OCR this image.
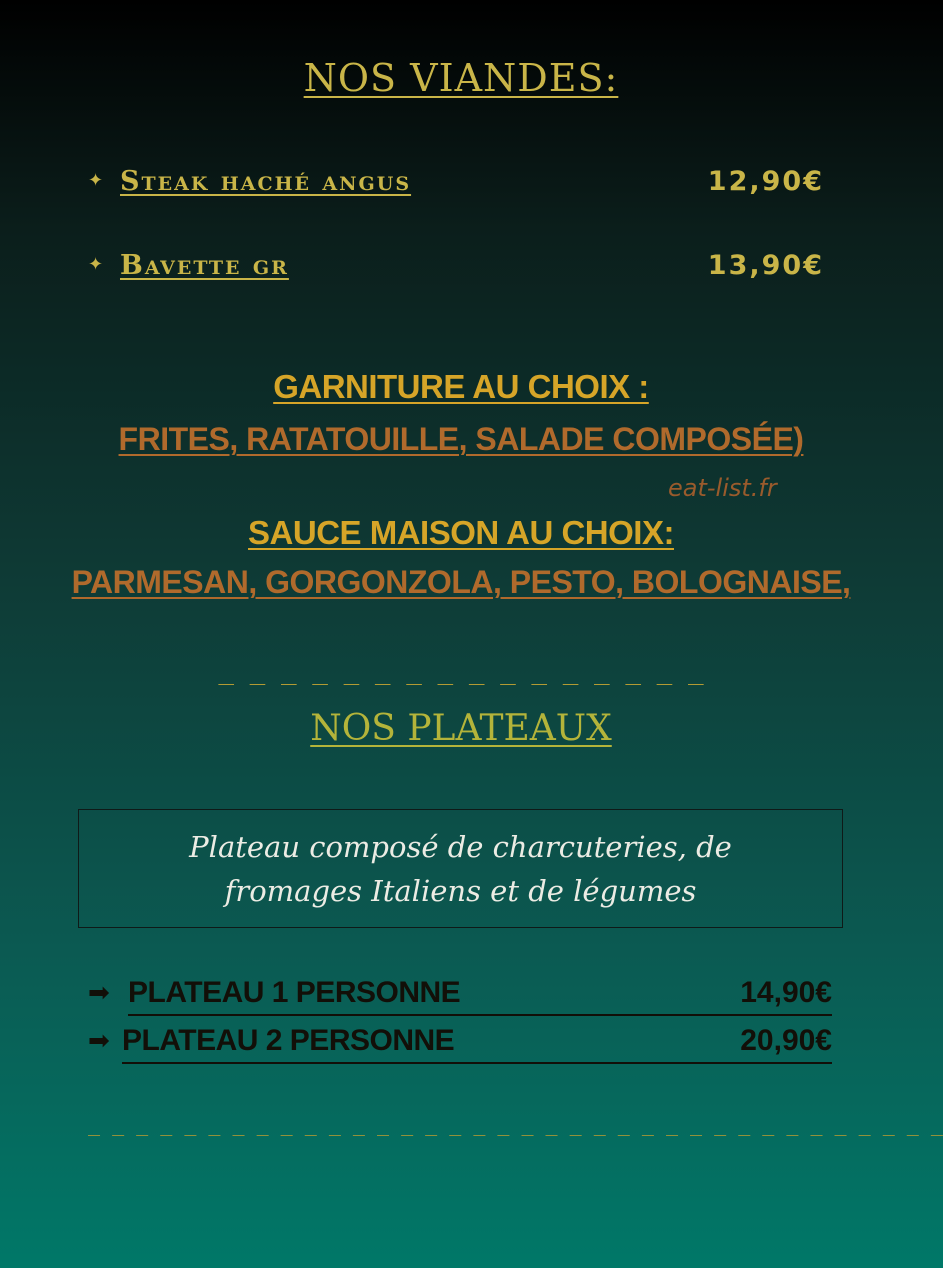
NOS VIANDES:
✦ Steak haché angus	12,90€
✦ Bavette gr	13,90€
GARNITURE AU CHOIX :
FRITES, RATATOUILLE, SALADE COMPOSÉE)
eat-list.fr
SAUCE MAISON AU CHOIX:
PARMESAN, GORGONZOLA, PESTO, BOLOGNAISE,
_ _ _ _ _ _ _ _ _ _ _ _ _ _ _ _
NOS PLATEAUX
Plateau composé de charcuteries, de fromages Italiens et de légumes
➡ PLATEAU 1 PERSONNE	14,90€
➡ PLATEAU 2 PERSONNE	20,90€
_ _ _ _ _ _ _ _ _ _ _ _ _ _ _ _ _ _ _ _ _ _ _ _ _ _ _ _ _ _ _ _ _ _ _ _
